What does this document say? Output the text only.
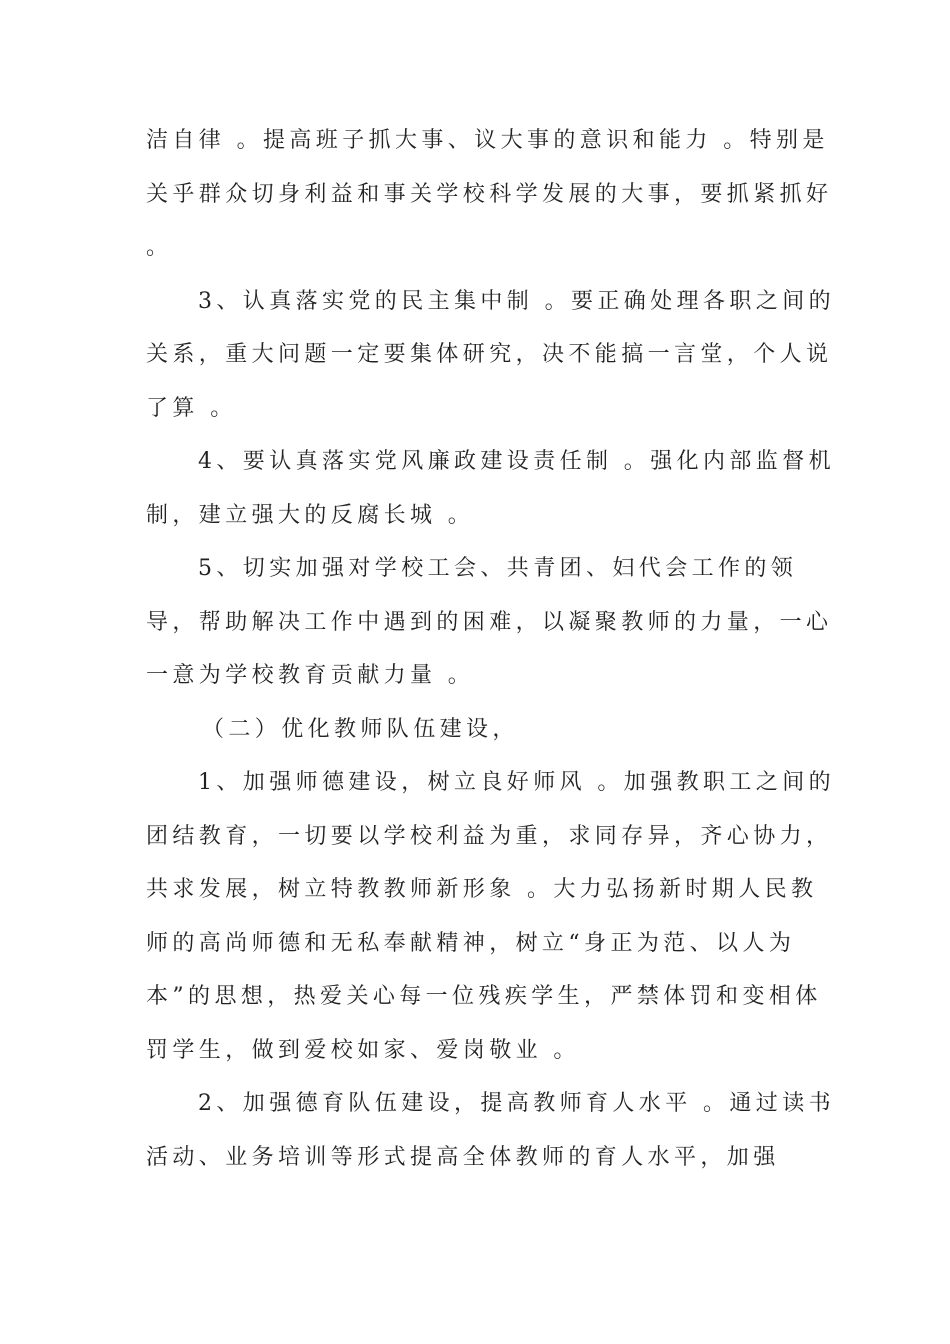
洁自律 。提高班子抓大事、议大事的意识和能力 。特别是关乎群众切身利益和事关学校科学发展的大事，要抓紧抓好 。

3、认真落实党的民主集中制 。要正确处理各职之间的关系，重大问题一定要集体研究，决不能搞一言堂，个人说了算 。

4、要认真落实党风廉政建设责任制 。强化内部监督机制，建立强大的反腐长城 。

5、切实加强对学校工会、共青团、妇代会工作的领导，帮助解决工作中遇到的困难，以凝聚教师的力量，一心一意为学校教育贡献力量 。

（二）优化教师队伍建设，

1、加强师德建设，树立良好师风 。加强教职工之间的团结教育，一切要以学校利益为重，求同存异，齐心协力，共求发展，树立特教教师新形象 。大力弘扬新时期人民教师的高尚师德和无私奉献精神，树立“身正为范、以人为本”的思想，热爱关心每一位残疾学生，严禁体罚和变相体罚学生，做到爱校如家、爱岗敬业 。

2、加强德育队伍建设，提高教师育人水平 。通过读书活动、业务培训等形式提高全体教师的育人水平，加强
